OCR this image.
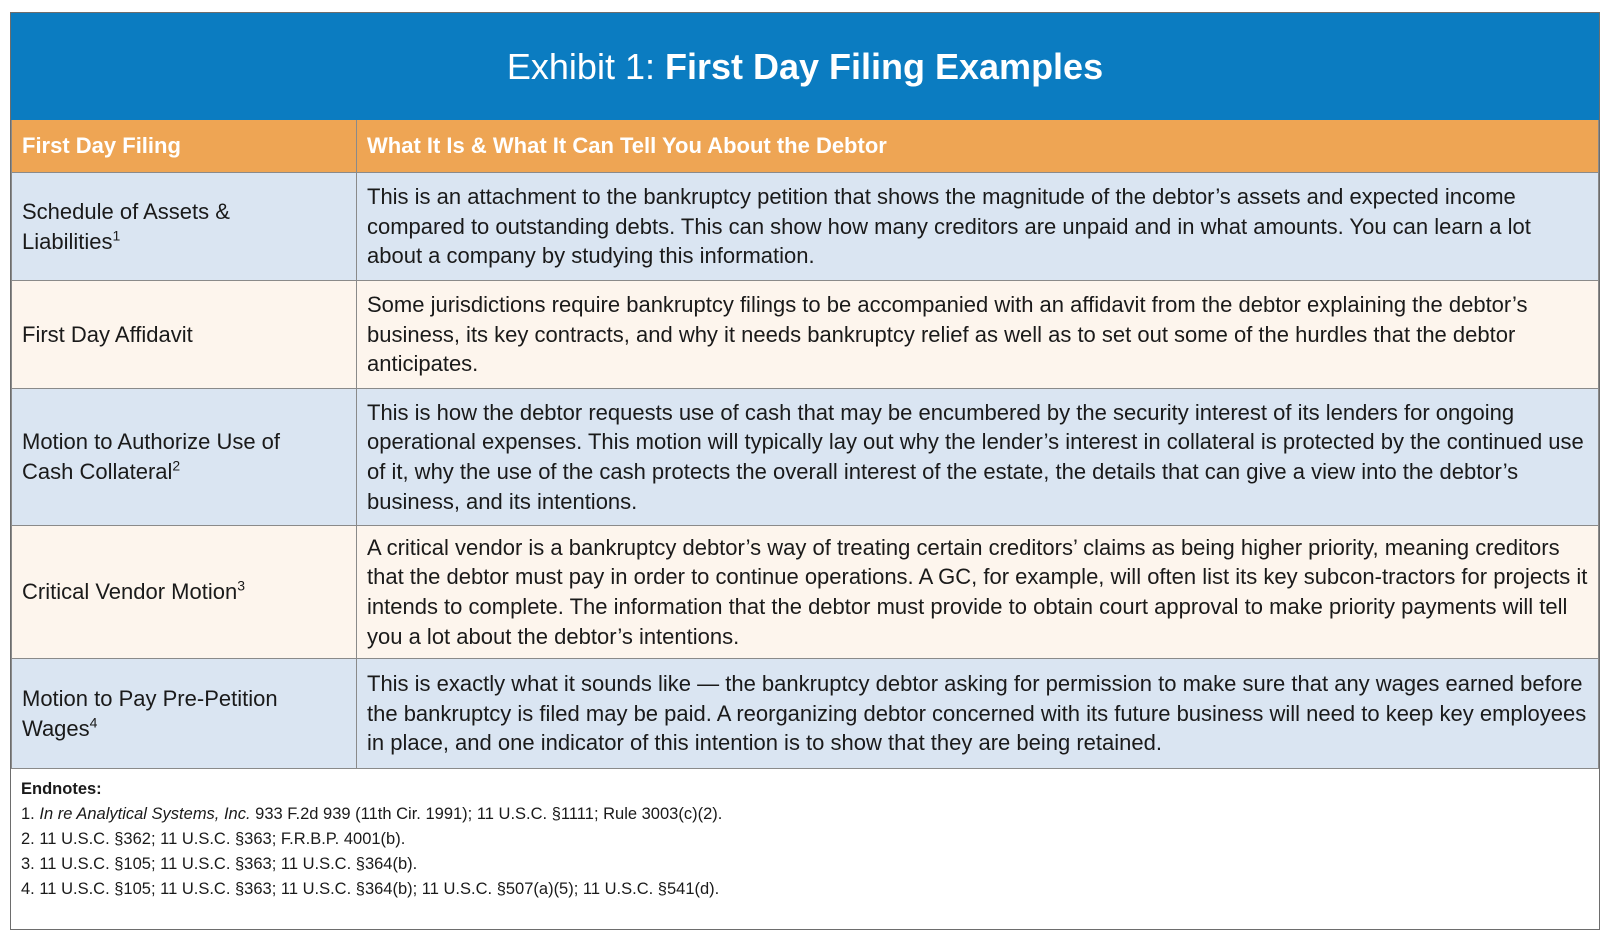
Exhibit 1: First Day Filing Examples
First Day Filing	What It Is & What It Can Tell You About the Debtor
Schedule of Assets & Liabilities$^1$	This is an attachment to the bankruptcy petition that shows the magnitude of the debtor’s assets and expected income compared to outstanding debts. This can show how many creditors are unpaid and in what amounts. You can learn a lot about a company by studying this information.
First Day Affidavit	Some jurisdictions require bankruptcy filings to be accompanied with an affidavit from the debtor explaining the debtor’s business, its key contracts, and why it needs bankruptcy relief as well as to set out some of the hurdles that the debtor anticipates.
Motion to Authorize Use of Cash Collateral$^2$	This is how the debtor requests use of cash that may be encumbered by the security interest of its lenders for ongoing operational expenses. This motion will typically lay out why the lender’s interest in collateral is protected by the continued use of it, why the use of the cash protects the overall interest of the estate, the details that can give a view into the debtor’s business, and its intentions.
Critical Vendor Motion$^3$	A critical vendor is a bankruptcy debtor’s way of treating certain creditors’ claims as being higher priority, meaning creditors that the debtor must pay in order to continue operations. A GC, for example, will often list its key subcon-tractors for projects it intends to complete. The information that the debtor must provide to obtain court approval to make priority payments will tell you a lot about the debtor’s intentions.
Motion to Pay Pre-Petition Wages$^4$	This is exactly what it sounds like — the bankruptcy debtor asking for permission to make sure that any wages earned before the bankruptcy is filed may be paid. A reorganizing debtor concerned with its future business will need to keep key employees in place, and one indicator of this intention is to show that they are being retained.
Endnotes:
1. In re Analytical Systems, Inc. 933 F.2d 939 (11th Cir. 1991); 11 U.S.C. §1111; Rule 3003(c)(2).
2. 11 U.S.C. §362; 11 U.S.C. §363; F.R.B.P. 4001(b).
3. 11 U.S.C. §105; 11 U.S.C. §363; 11 U.S.C. §364(b).
4. 11 U.S.C. §105; 11 U.S.C. §363; 11 U.S.C. §364(b); 11 U.S.C. §507(a)(5); 11 U.S.C. §541(d).
